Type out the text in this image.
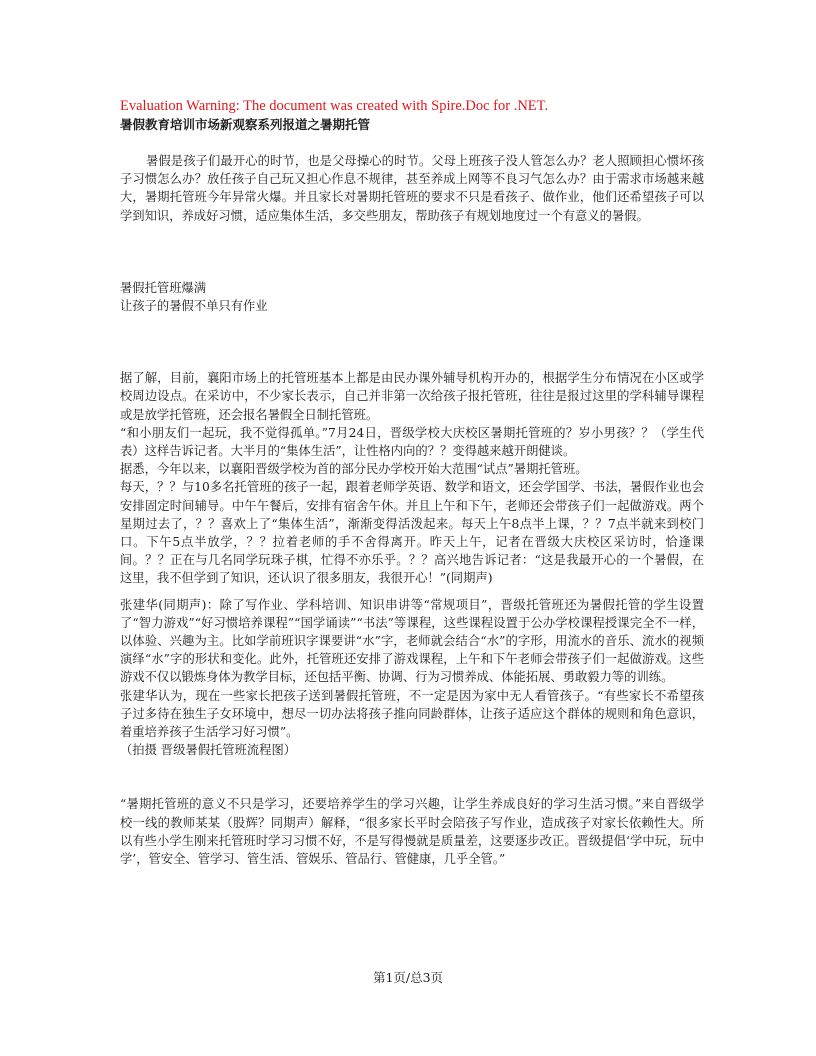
Evaluation Warning: The document was created with Spire.Doc for .NET.
暑假教育培训市场新观察系列报道之暑期托管

暑假是孩子们最开心的时节，也是父母操心的时节。父母上班孩子没人管怎么办？老人照顾担心惯坏孩子习惯怎么办？放任孩子自己玩又担心作息不规律，甚至养成上网等不良习气怎么办？由于需求市场越来越大，暑期托管班今年异常火爆。并且家长对暑期托管班的要求不只是看孩子、做作业，他们还希望孩子可以学到知识，养成好习惯，适应集体生活，多交些朋友，帮助孩子有规划地度过一个有意义的暑假。

暑假托管班爆满

让孩子的暑假不单只有作业

据了解，目前，襄阳市场上的托管班基本上都是由民办课外辅导机构开办的，根据学生分布情况在小区或学校周边设点。在采访中，不少家长表示，自己并非第一次给孩子报托管班，往往是报过这里的学科辅导课程或是放学托管班，还会报名暑假全日制托管班。

“和小朋友们一起玩，我不觉得孤单。”7月24日，晋级学校大庆校区暑期托管班的？岁小男孩？？（学生代表）这样告诉记者。大半月的“集体生活”，让性格内向的？？变得越来越开朗健谈。

据悉，今年以来，以襄阳晋级学校为首的部分民办学校开始大范围“试点”暑期托管班。

每天，？？与10多名托管班的孩子一起，跟着老师学英语、数学和语文，还会学国学、书法，暑假作业也会安排固定时间辅导。中午午餐后，安排有宿舍午休。并且上午和下午，老师还会带孩子们一起做游戏。两个星期过去了，？？喜欢上了“集体生活”，渐渐变得活泼起来。每天上午8点半上课，？？7点半就来到校门口。下午5点半放学，？？拉着老师的手不舍得离开。昨天上午，记者在晋级大庆校区采访时，恰逢课间。？？正在与几名同学玩珠子棋，忙得不亦乐乎。？？高兴地告诉记者：“这是我最开心的一个暑假，在这里，我不但学到了知识，还认识了很多朋友，我很开心！”(同期声)

张建华(同期声)：除了写作业、学科培训、知识串讲等“常规项目”，晋级托管班还为暑假托管的学生设置了“智力游戏”“好习惯培养课程”“国学诵读”“书法”等课程，这些课程设置于公办学校课程授课完全不一样，以体验、兴趣为主。比如学前班识字课要讲“水”字，老师就会结合“水”的字形，用流水的音乐、流水的视频演绎“水”字的形状和变化。此外，托管班还安排了游戏课程，上午和下午老师会带孩子们一起做游戏。这些游戏不仅以锻炼身体为教学目标，还包括平衡、协调、行为习惯养成、体能拓展、勇敢毅力等的训练。

张建华认为，现在一些家长把孩子送到暑假托管班，不一定是因为家中无人看管孩子。“有些家长不希望孩子过多待在独生子女环境中，想尽一切办法将孩子推向同龄群体，让孩子适应这个群体的规则和角色意识，着重培养孩子生活学习好习惯”。

（拍摄 晋级暑假托管班流程图）

“暑期托管班的意义不只是学习，还要培养学生的学习兴趣，让学生养成良好的学习生活习惯。”来自晋级学校一线的教师某某（股辉？同期声）解释，“很多家长平时会陪孩子写作业，造成孩子对家长依赖性大。所以有些小学生刚来托管班时学习习惯不好，不是写得慢就是质量差，这要逐步改正。晋级提倡‘学中玩，玩中学’，管安全、管学习、管生活、管娱乐、管品行、管健康，几乎全管。”

第1页/总3页
